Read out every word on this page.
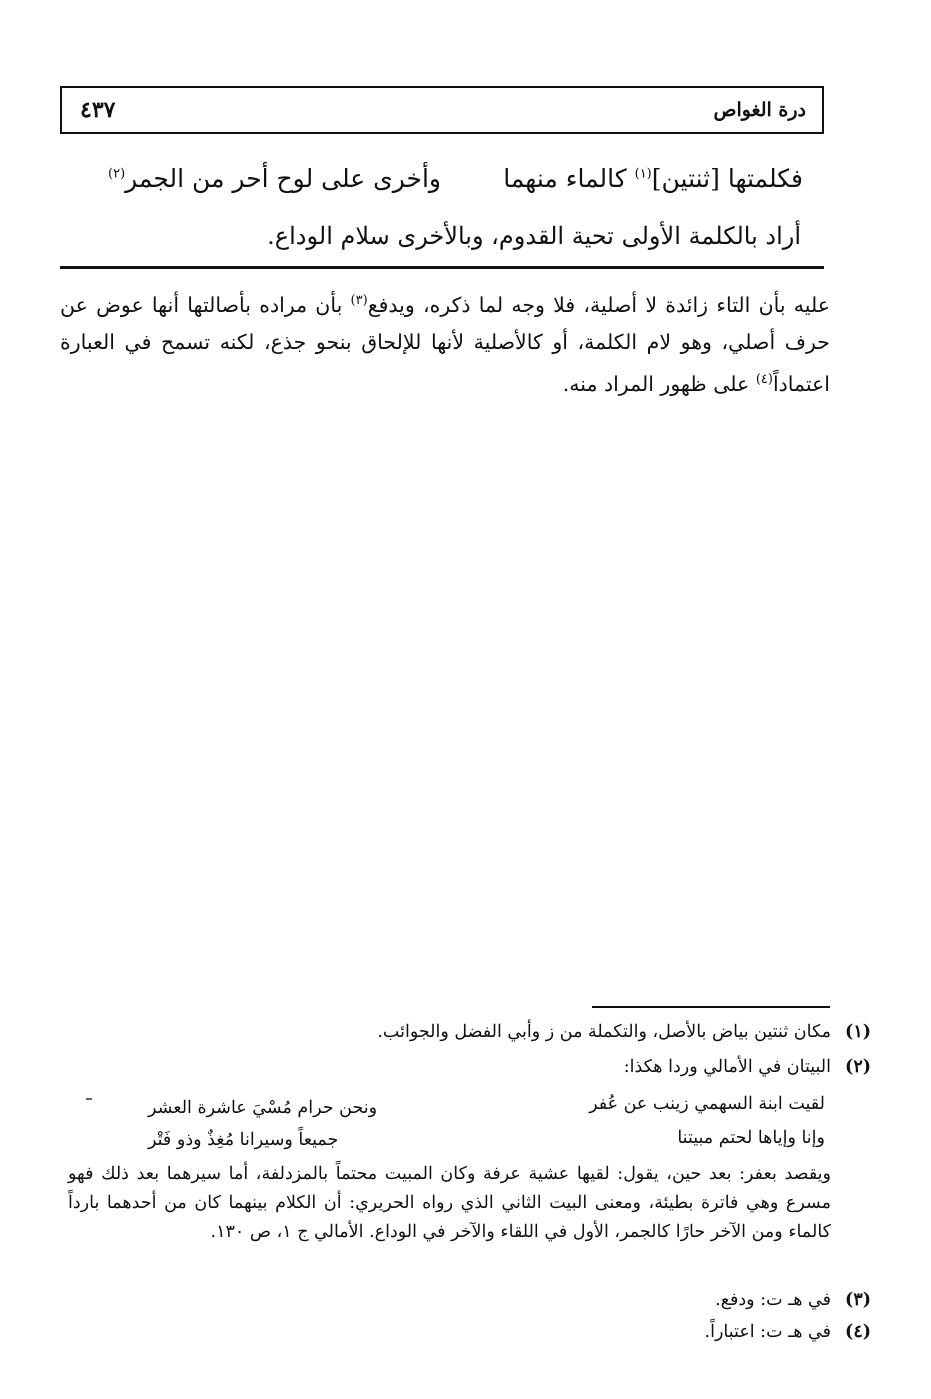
درة الغواص
٤٣٧
فكلمتها [ثنتين]$^{(١)}$ كالماء منهما
وأخرى على لوح أحر من الجمر$^{(٢)}$
أراد بالكلمة الأولى تحية القدوم، وبالأخرى سلام الوداع.
عليه بأن التاء زائدة لا أصلية، فلا وجه لما ذكره، ويدفع$^{(٣)}$ بأن مراده بأصالتها أنها عوض عن حرف أصلي، وهو لام الكلمة، أو كالأصلية لأنها للإلحاق بنحو جذع، لكنه تسمح في العبارة اعتماداً$^{(٤)}$ على ظهور المراد منه.
(١)
مكان ثنتين بياض بالأصل، والتكملة من ز وأبي الفضل والجوائب.
(٢)
البيتان في الأمالي وردا هكذا:
لقيت ابنة السهمي زينب عن عُفر
ونحن حرام مُسْيَ عاشرة العشر
وإنا وإياها لحتم مبيتنا
جميعاً وسيرانا مُغِذٌ وذو فَتْر
ويقصد بعفر: بعد حين، يقول: لقيها عشية عرفة وكان المبيت محتماً بالمزدلفة، أما سيرهما بعد ذلك فهو مسرع وهي فاترة بطيئة، ومعنى البيت الثاني الذي رواه الحريري: أن الكلام بينهما كان من أحدهما بارداً كالماء ومن الآخر حارًا كالجمر، الأول في اللقاء والآخر في الوداع. الأمالي ج ١، ص ١٣٠.
(٣)
في هـ ت: ودفع.
(٤)
في هـ ت: اعتباراً.
